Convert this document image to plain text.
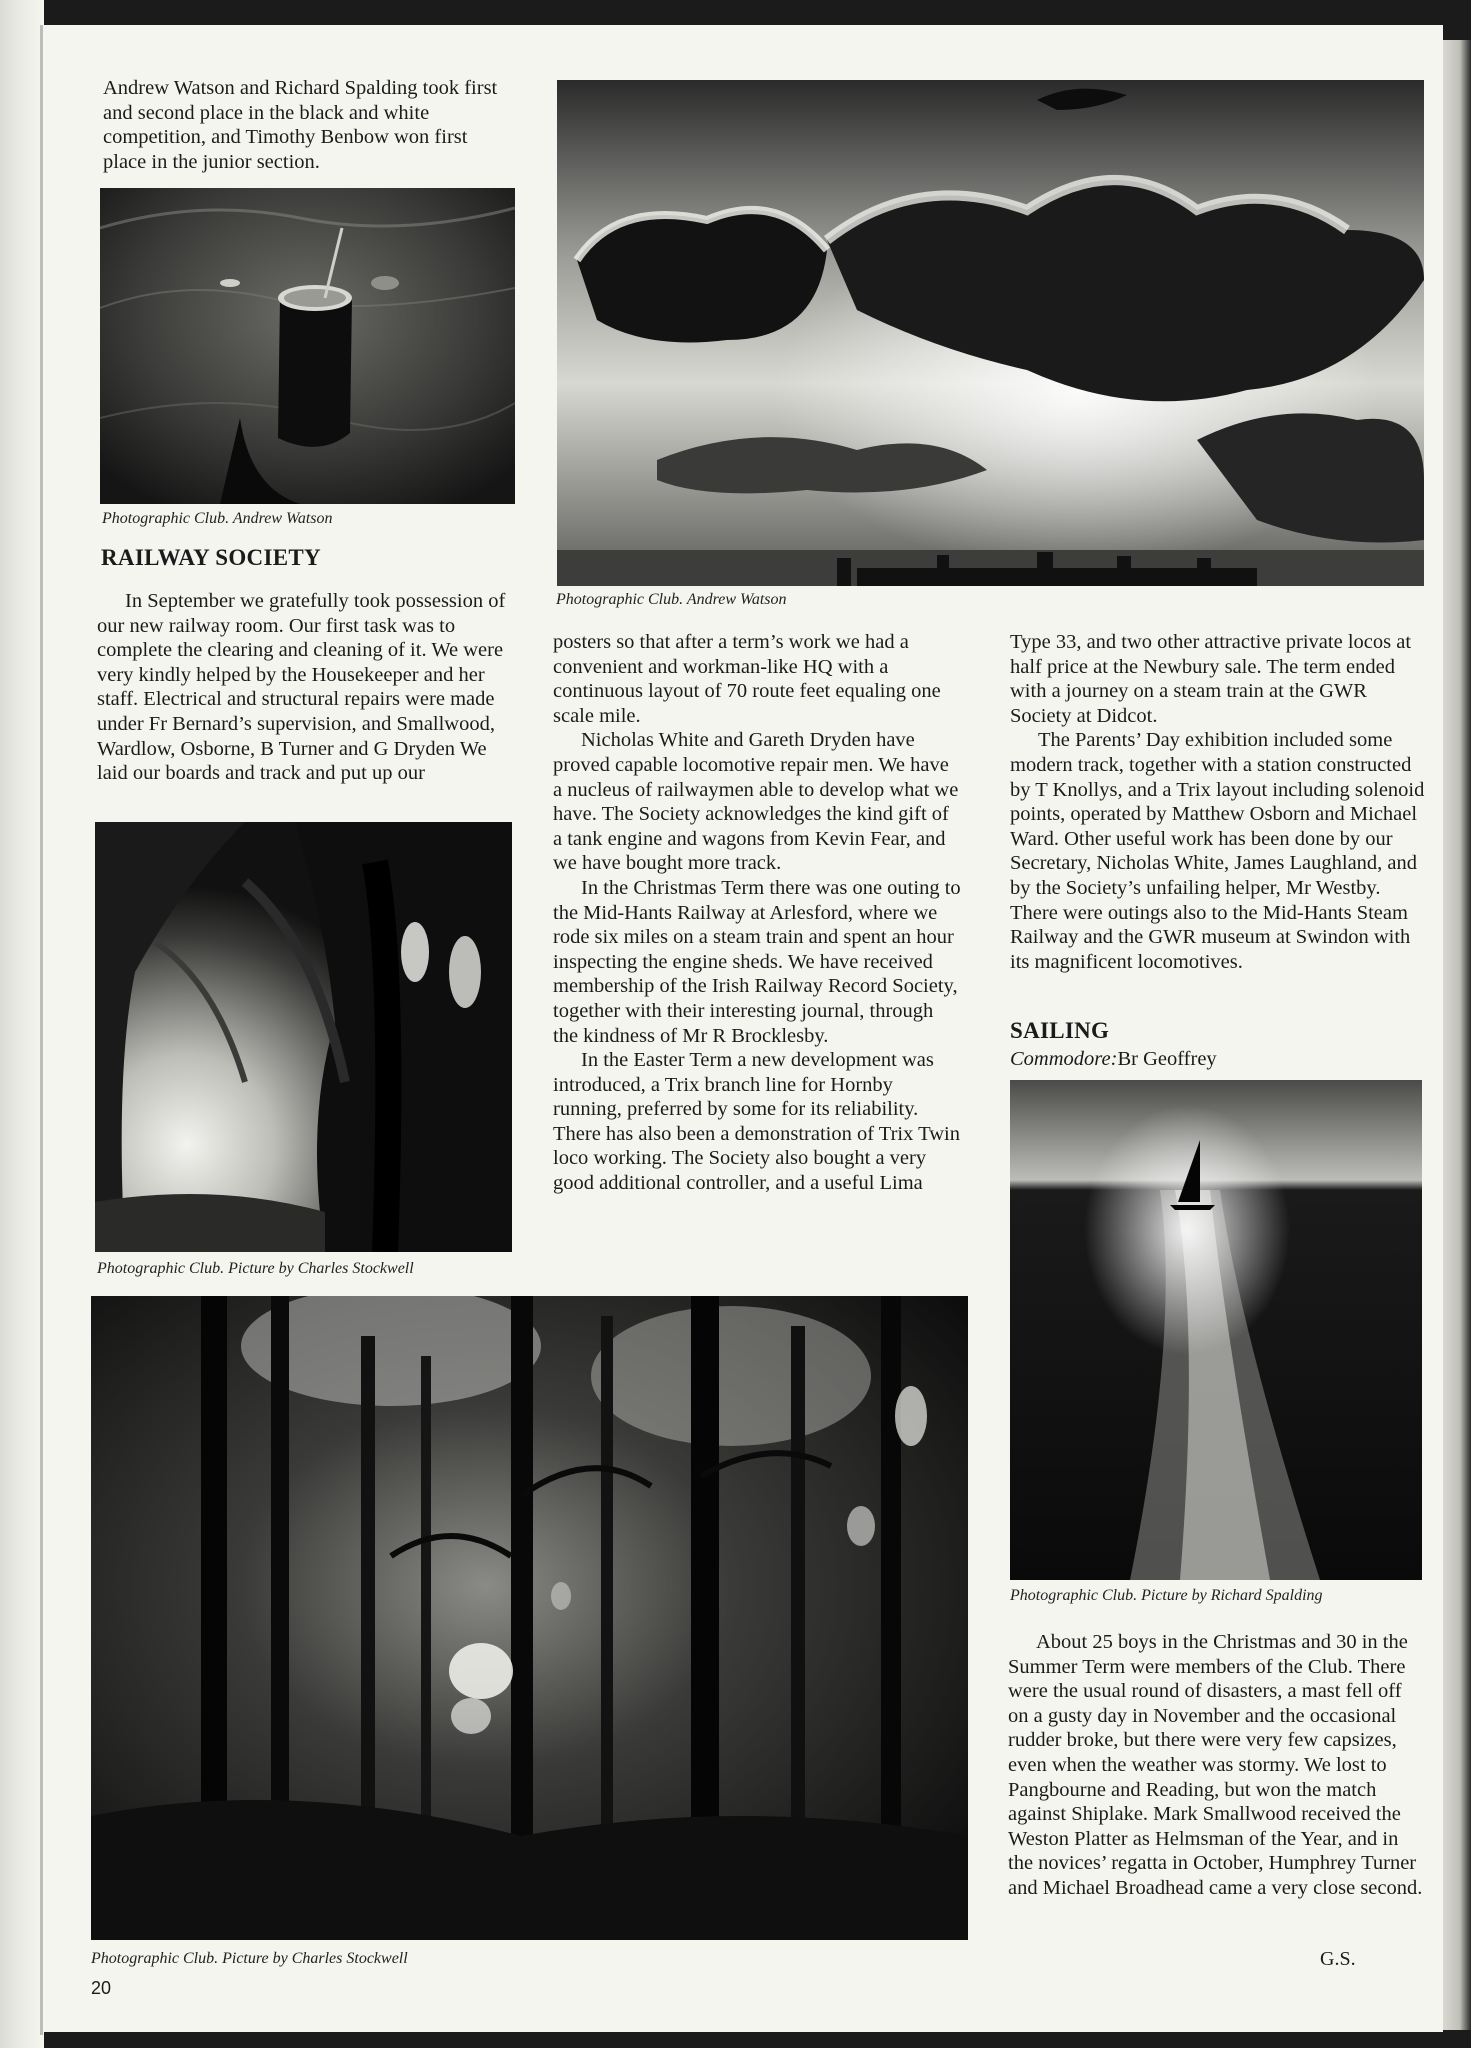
Andrew Watson and Richard Spalding took first and second place in the black and white competition, and Timothy Benbow won first place in the junior section.

Photographic Club. Andrew Watson
RAILWAY SOCIETY

In September we gratefully took possession of our new railway room. Our first task was to complete the clearing and cleaning of it. We were very kindly helped by the Housekeeper and her staff. Electrical and structural repairs were made under Fr Bernard’s supervision, and Smallwood, Wardlow, Osborne, B Turner and G Dryden We laid our boards and track and put up our

Photographic Club. Andrew Watson
Photographic Club. Picture by Charles Stockwell

posters so that after a term’s work we had a convenient and workman-like HQ with a continuous layout of 70 route feet equaling one scale mile.

Nicholas White and Gareth Dryden have proved capable locomotive repair men. We have a nucleus of railwaymen able to develop what we have. The Society acknowledges the kind gift of a tank engine and wagons from Kevin Fear, and we have bought more track.

In the Christmas Term there was one outing to the Mid-Hants Railway at Arlesford, where we rode six miles on a steam train and spent an hour inspecting the engine sheds. We have received membership of the Irish Railway Record Society, together with their interesting journal, through the kindness of Mr R Brocklesby.

In the Easter Term a new development was introduced, a Trix branch line for Hornby running, preferred by some for its reliability. There has also been a demonstration of Trix Twin loco working. The Society also bought a very good additional controller, and a useful Lima

Type 33, and two other attractive private locos at half price at the Newbury sale. The term ended with a journey on a steam train at the GWR Society at Didcot.

The Parents’ Day exhibition included some modern track, together with a station constructed by T Knollys, and a Trix layout including solenoid points, operated by Matthew Osborn and Michael Ward. Other useful work has been done by our Secretary, Nicholas White, James Laughland, and by the Society’s unfailing helper, Mr Westby. There were outings also to the Mid-Hants Steam Railway and the GWR museum at Swindon with its magnificent locomotives.

SAILING
Commodore:Br Geoffrey
Photographic Club. Picture by Richard Spalding

About 25 boys in the Christmas and 30 in the Summer Term were members of the Club. There were the usual round of disasters, a mast fell off on a gusty day in November and the occasional rudder broke, but there were very few capsizes, even when the weather was stormy. We lost to Pangbourne and Reading, but won the match against Shiplake. Mark Smallwood received the Weston Platter as Helmsman of the Year, and in the novices’ regatta in October, Humphrey Turner and Michael Broadhead came a very close second.

G.S.
Photographic Club. Picture by Charles Stockwell
20
